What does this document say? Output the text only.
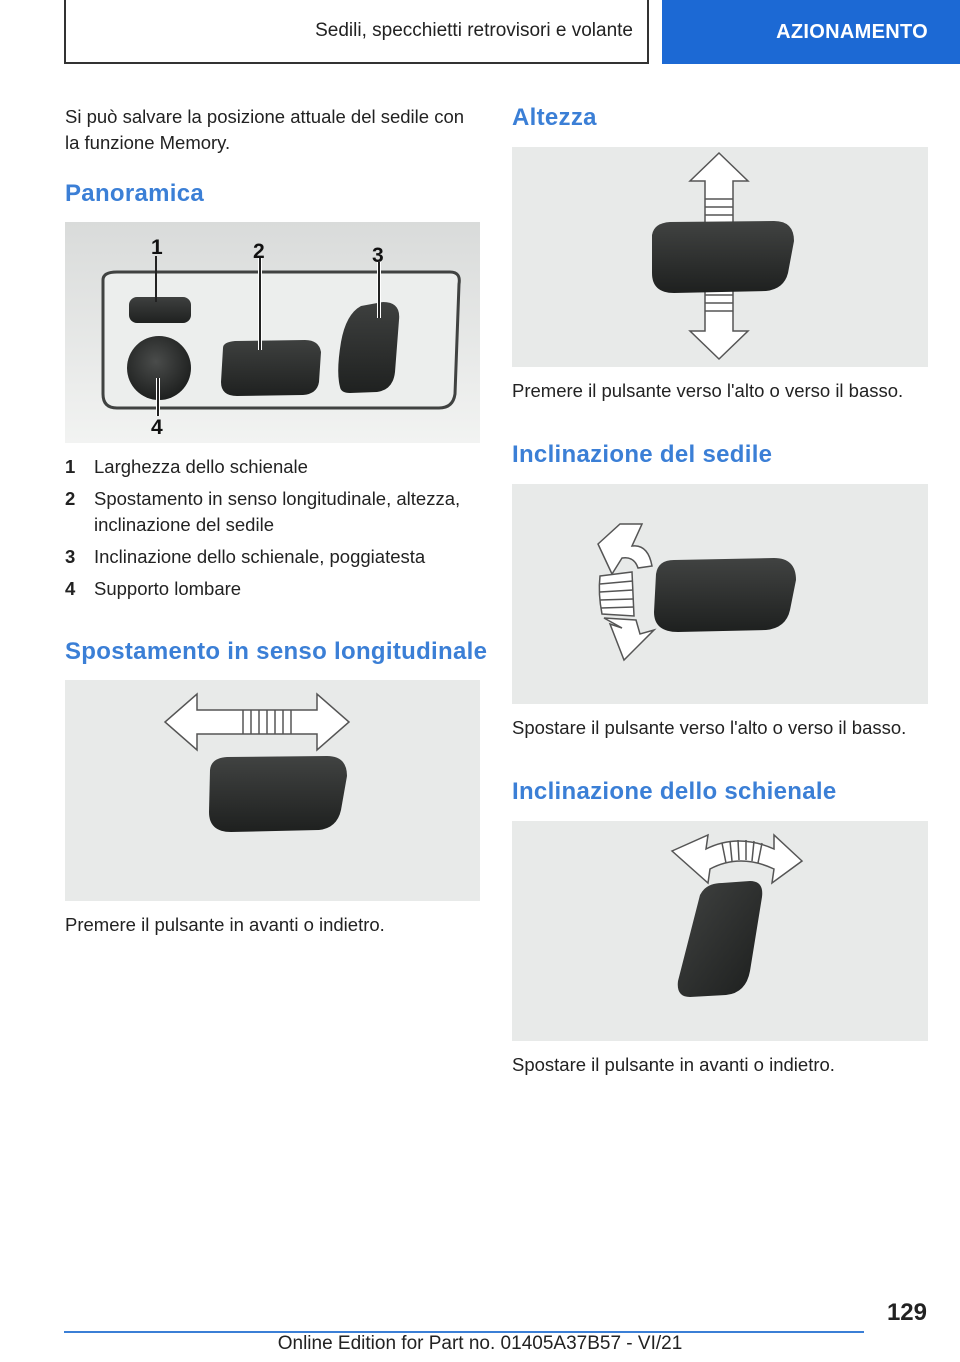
Sedili, specchietti retrovisori e volante	AZIONAMENTO

Si può salvare la posizione attuale del sedile con la funzione Memory.

Panoramica
1	2	3
4
1 Larghezza dello schienale
2 Spostamento in senso longitudinale, altezza, inclinazione del sedile
3 Inclinazione dello schienale, poggiatesta
4 Supporto lombare
Spostamento in senso longitudinale

Premere il pulsante in avanti o indietro.

Altezza

Premere il pulsante verso l'alto o verso il basso.

Inclinazione del sedile

Spostare il pulsante verso l'alto o verso il basso.

Inclinazione dello schienale

Spostare il pulsante in avanti o indietro.

129
Online Edition for Part no. 01405A37B57 - VI/21
